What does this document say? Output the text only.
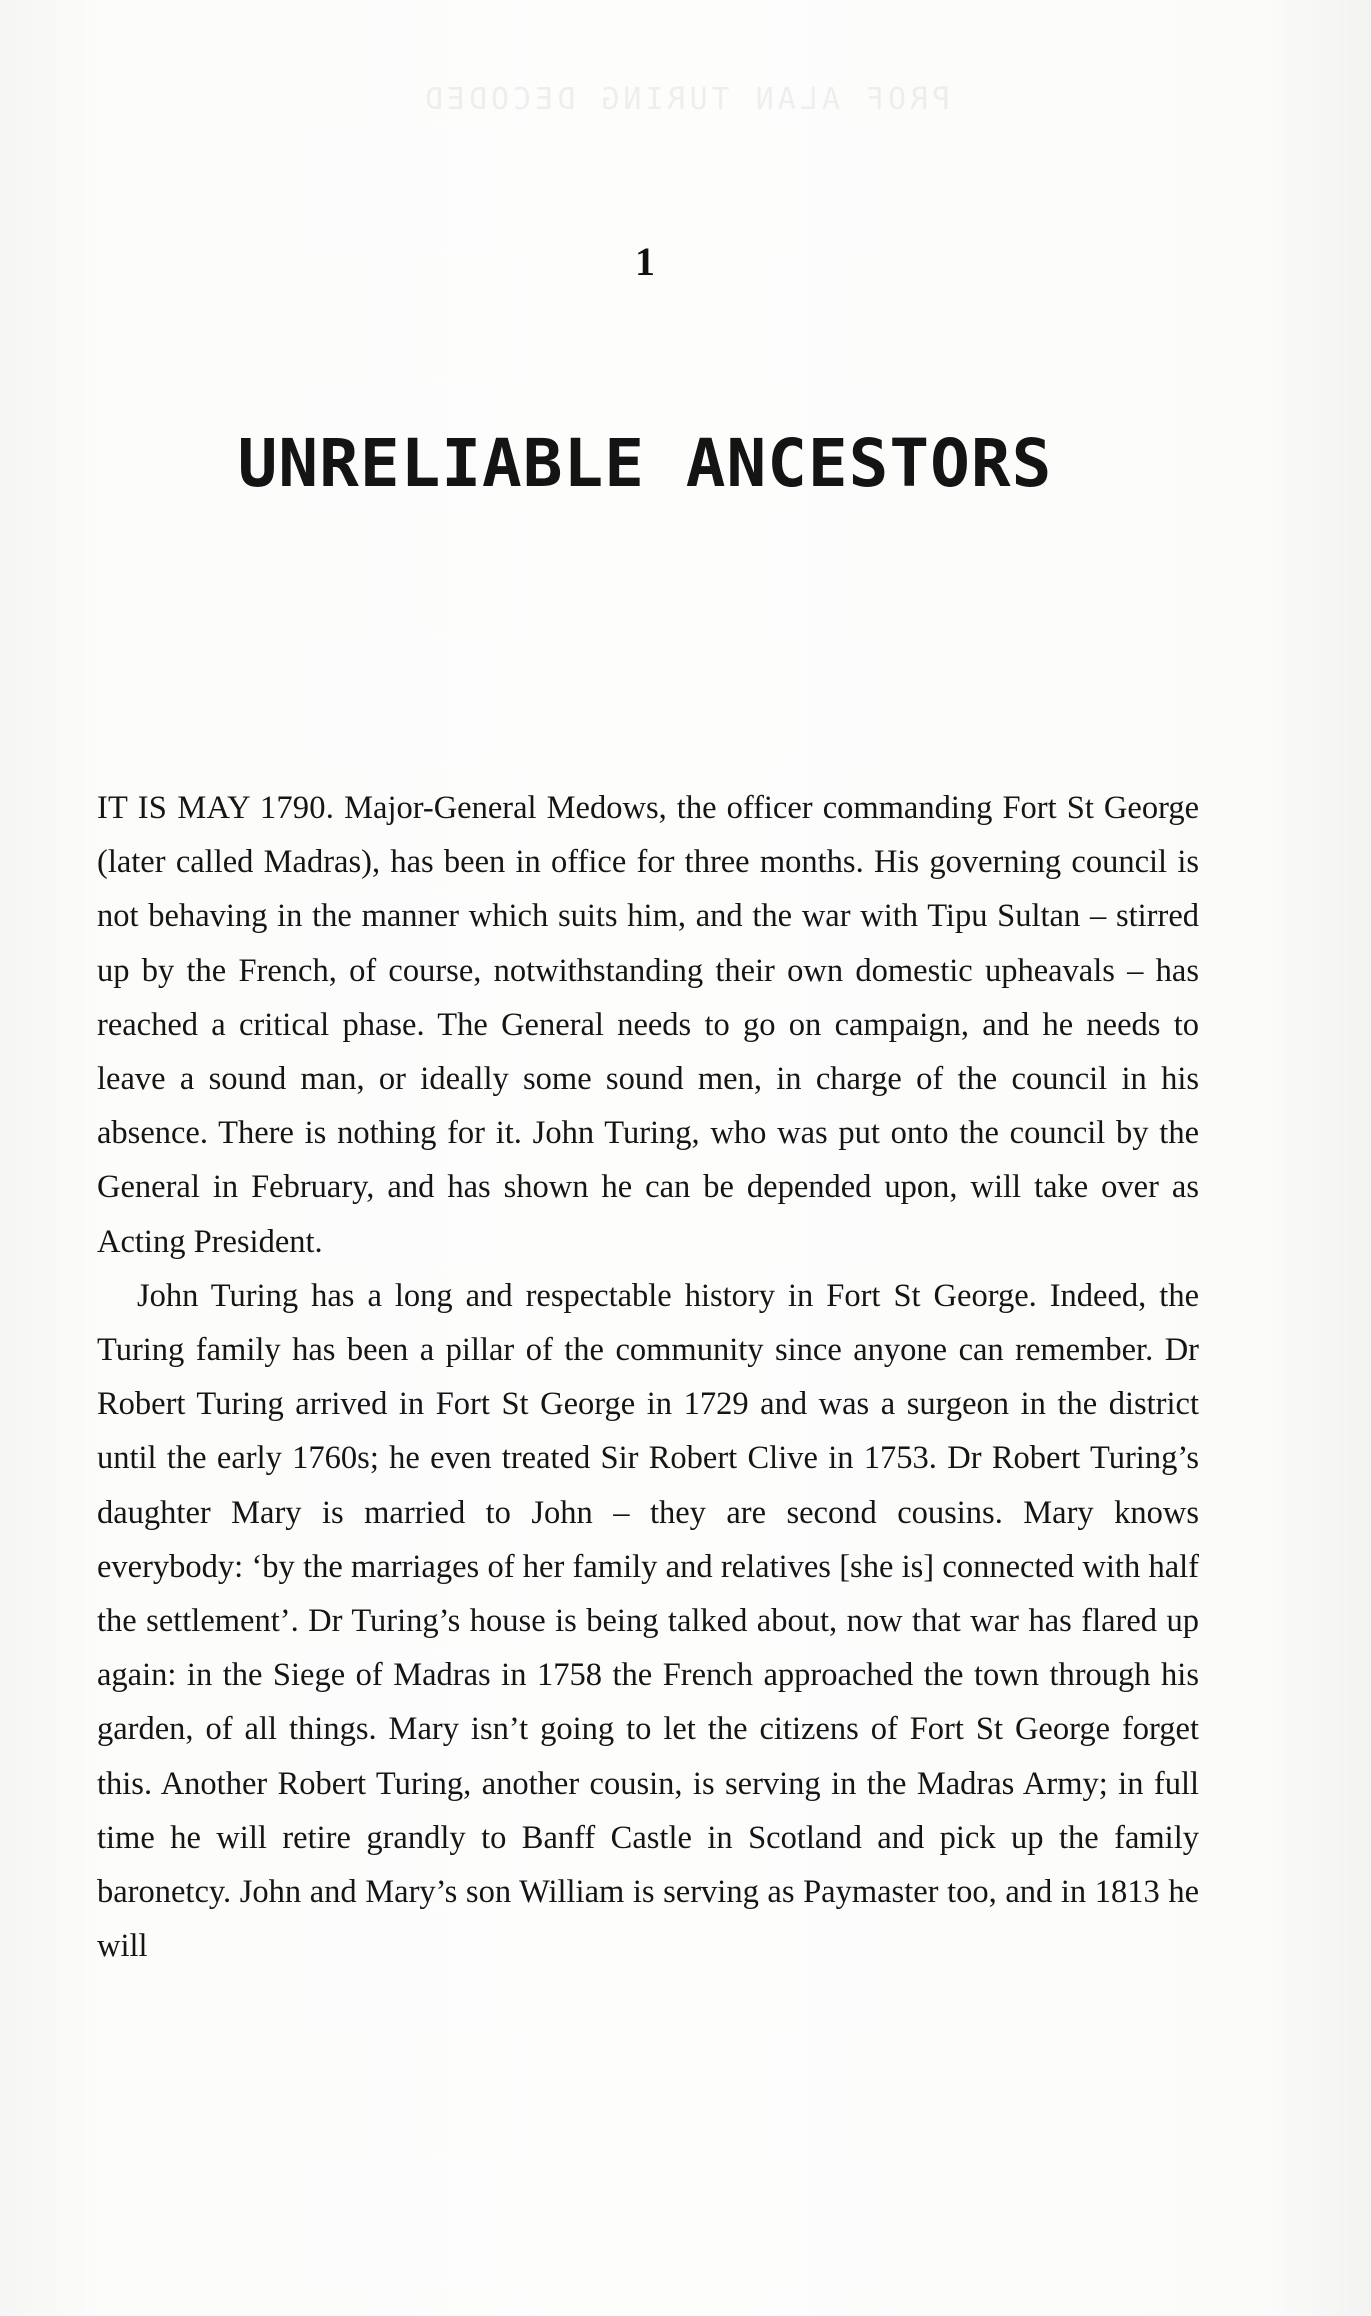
PROF ALAN TURING DECODED
1
UNRELIABLE ANCESTORS

IT IS MAY 1790. Major-General Medows, the officer commanding Fort St George (later called Madras), has been in office for three months. His governing council is not behaving in the manner which suits him, and the war with Tipu Sultan – stirred up by the French, of course, notwithstanding their own domestic upheavals – has reached a critical phase. The General needs to go on campaign, and he needs to leave a sound man, or ideally some sound men, in charge of the council in his absence. There is nothing for it. John Turing, who was put onto the council by the General in February, and has shown he can be depended upon, will take over as Acting President.

John Turing has a long and respectable history in Fort St George. Indeed, the Turing family has been a pillar of the community since anyone can remember. Dr Robert Turing arrived in Fort St George in 1729 and was a surgeon in the district until the early 1760s; he even treated Sir Robert Clive in 1753. Dr Robert Turing’s daughter Mary is married to John – they are second cousins. Mary knows everybody: ‘by the marriages of her family and relatives [she is] connected with half the settlement’. Dr Turing’s house is being talked about, now that war has flared up again: in the Siege of Madras in 1758 the French approached the town through his garden, of all things. Mary isn’t going to let the citizens of Fort St George forget this. Another Robert Turing, another cousin, is serving in the Madras Army; in full time he will retire grandly to Banff Castle in Scotland and pick up the family baronetcy. John and Mary’s son William is serving as Paymaster too, and in 1813 he will
